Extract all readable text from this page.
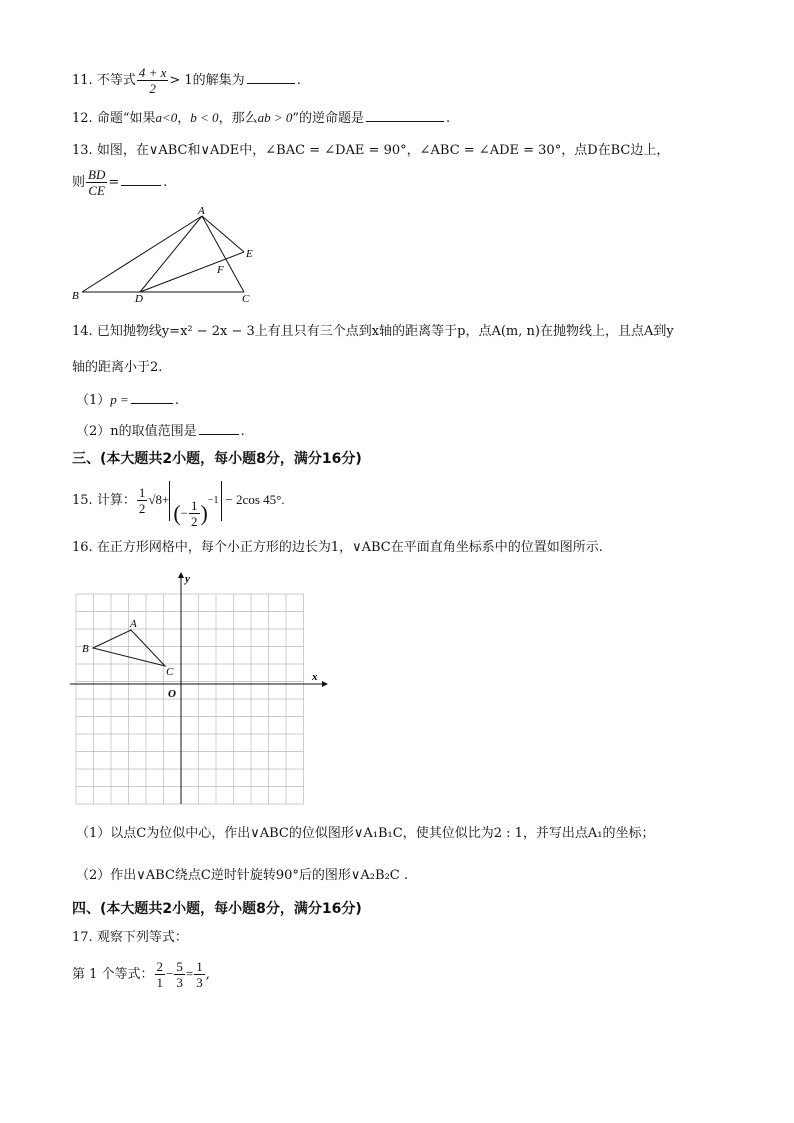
11. 不等式 $\frac{4 + x}{2} > 1$的解集为	.
12. 命题“如果a<0，b < 0，那么ab > 0”的逆命题是	.
13. 如图，在∨ABC和∨ADE中，∠BAC = ∠DAE = 90°，∠ABC = ∠ADE = 30°，点D在BC边上，
则 $\frac{BD}{CE}$ =	.
A
B	C
D
E
F
14. 已知抛物线y=x² − 2x − 3上有且只有三个点到x轴的距离等于p，点A(m, n)在抛物线上，且点A到y
轴的距离小于2.
（1）p =	.
（2）n的取值范围是	.
三、(本大题共2小题，每小题8分，满分16分)
15. 计算： $\frac{1}{2} √8+(- \frac{1}{2} )^{-1} - 2\cos$ 45°.
16. 在正方形网格中，每个小正方形的边长为1，∨ABC在平面直角坐标系中的位置如图所示.
x
y
O
A
B
C
（1）以点C为位似中心，作出∨ABC的位似图形∨A₁B₁C，使其位似比为2 : 1，并写出点A₁的坐标；
（2）作出∨ABC绕点C逆时针旋转90°后的图形∨A₂B₂C .
四、(本大题共2小题，每小题8分，满分16分)
17. 观察下列等式：
第 1 个等式： $\frac{2}{1} - \frac{5}{3} = \frac{1}{3}$ ,
